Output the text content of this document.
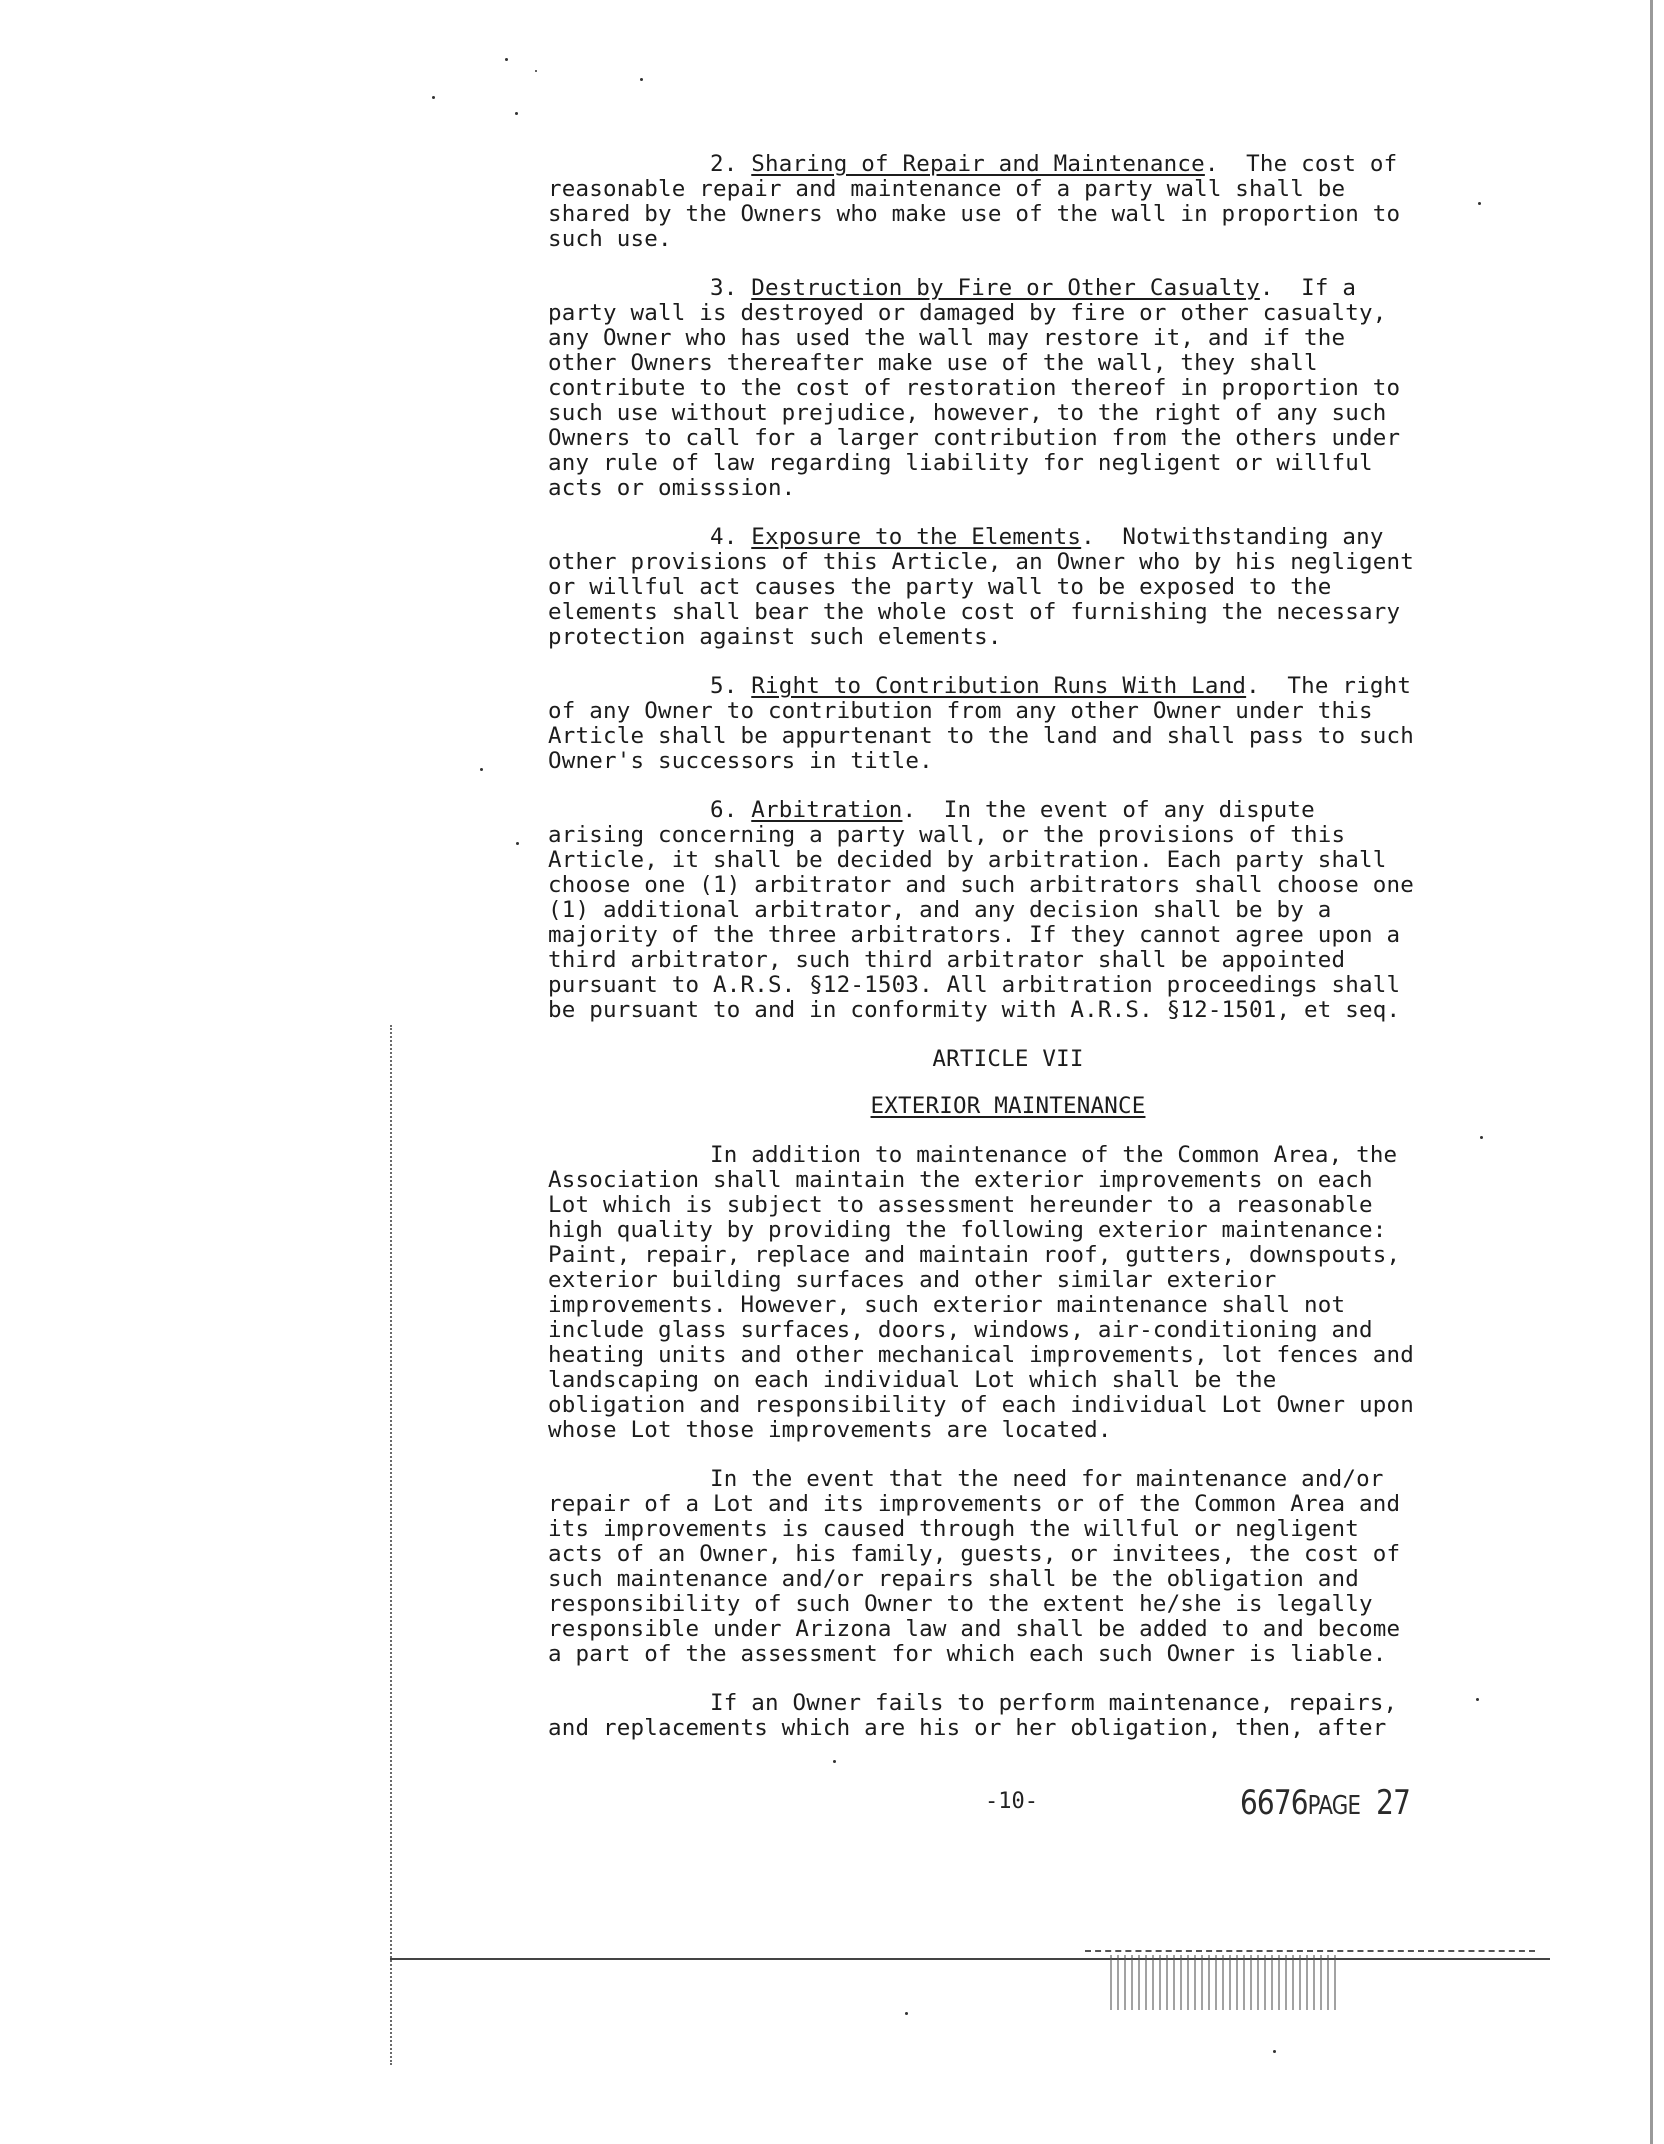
2. Sharing of Repair and Maintenance.  The cost of
reasonable repair and maintenance of a party wall shall be
shared by the Owners who make use of the wall in proportion to
such use.

3. Destruction by Fire or Other Casualty.  If a
party wall is destroyed or damaged by fire or other casualty,
any Owner who has used the wall may restore it, and if the
other Owners thereafter make use of the wall, they shall
contribute to the cost of restoration thereof in proportion to
such use without prejudice, however, to the right of any such
Owners to call for a larger contribution from the others under
any rule of law regarding liability for negligent or willful
acts or omisssion.

4. Exposure to the Elements.  Notwithstanding any
other provisions of this Article, an Owner who by his negligent
or willful act causes the party wall to be exposed to the
elements shall bear the whole cost of furnishing the necessary
protection against such elements.

5. Right to Contribution Runs With Land.  The right
of any Owner to contribution from any other Owner under this
Article shall be appurtenant to the land and shall pass to such
Owner's successors in title.

6. Arbitration.  In the event of any dispute
arising concerning a party wall, or the provisions of this
Article, it shall be decided by arbitration. Each party shall
choose one (1) arbitrator and such arbitrators shall choose one
(1) additional arbitrator, and any decision shall be by a
majority of the three arbitrators. If they cannot agree upon a
third arbitrator, such third arbitrator shall be appointed
pursuant to A.R.S. §12-1503. All arbitration proceedings shall
be pursuant to and in conformity with A.R.S. §12-1501, et seq.

ARTICLE VII

EXTERIOR MAINTENANCE

In addition to maintenance of the Common Area, the
Association shall maintain the exterior improvements on each
Lot which is subject to assessment hereunder to a reasonable
high quality by providing the following exterior maintenance:
Paint, repair, replace and maintain roof, gutters, downspouts,
exterior building surfaces and other similar exterior
improvements. However, such exterior maintenance shall not
include glass surfaces, doors, windows, air-conditioning and
heating units and other mechanical improvements, lot fences and
landscaping on each individual Lot which shall be the
obligation and responsibility of each individual Lot Owner upon
whose Lot those improvements are located.

In the event that the need for maintenance and/or
repair of a Lot and its improvements or of the Common Area and
its improvements is caused through the willful or negligent
acts of an Owner, his family, guests, or invitees, the cost of
such maintenance and/or repairs shall be the obligation and
responsibility of such Owner to the extent he/she is legally
responsible under Arizona law and shall be added to and become
a part of the assessment for which each such Owner is liable.

If an Owner fails to perform maintenance, repairs,
and replacements which are his or her obligation, then, after

-10-	6676PAGE 27
